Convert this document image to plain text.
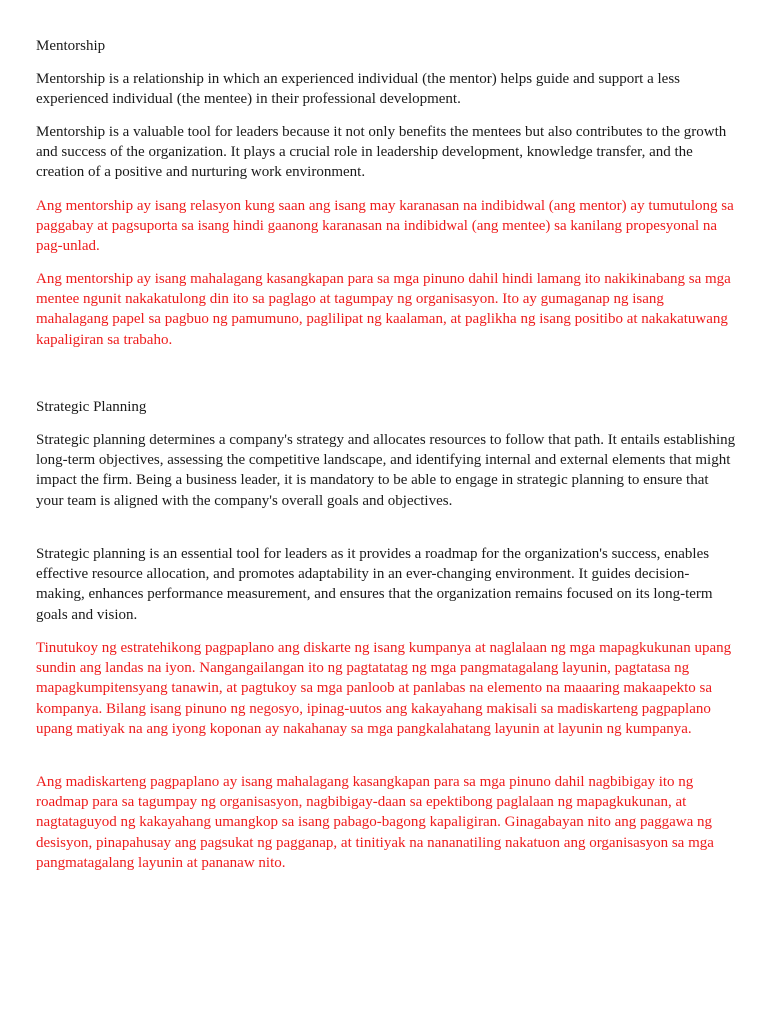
Mentorship

Mentorship is a relationship in which an experienced individual (the mentor) helps guide and support a less experienced individual (the mentee) in their professional development.

Mentorship is a valuable tool for leaders because it not only benefits the mentees but also contributes to the growth and success of the organization. It plays a crucial role in leadership development, knowledge transfer, and the creation of a positive and nurturing work environment.

Ang mentorship ay isang relasyon kung saan ang isang may karanasan na indibidwal (ang mentor) ay tumutulong sa paggabay at pagsuporta sa isang hindi gaanong karanasan na indibidwal (ang mentee) sa kanilang propesyonal na pag-unlad.

Ang mentorship ay isang mahalagang kasangkapan para sa mga pinuno dahil hindi lamang ito nakikinabang sa mga mentee ngunit nakakatulong din ito sa paglago at tagumpay ng organisasyon. Ito ay gumaganap ng isang mahalagang papel sa pagbuo ng pamumuno, paglilipat ng kaalaman, at paglikha ng isang positibo at nakakatuwang kapaligiran sa trabaho.

Strategic Planning

Strategic planning determines a company's strategy and allocates resources to follow that path. It entails establishing long-term objectives, assessing the competitive landscape, and identifying internal and external elements that might impact the firm. Being a business leader, it is mandatory to be able to engage in strategic planning to ensure that your team is aligned with the company's overall goals and objectives.

Strategic planning is an essential tool for leaders as it provides a roadmap for the organization's success, enables effective resource allocation, and promotes adaptability in an ever-changing environment. It guides decision-making, enhances performance measurement, and ensures that the organization remains focused on its long-term goals and vision.

Tinutukoy ng estratehikong pagpaplano ang diskarte ng isang kumpanya at naglalaan ng mga mapagkukunan upang sundin ang landas na iyon. Nangangailangan ito ng pagtatatag ng mga pangmatagalang layunin, pagtatasa ng mapagkumpitensyang tanawin, at pagtukoy sa mga panloob at panlabas na elemento na maaaring makaapekto sa kompanya. Bilang isang pinuno ng negosyo, ipinag-uutos ang kakayahang makisali sa madiskarteng pagpaplano upang matiyak na ang iyong koponan ay nakahanay sa mga pangkalahatang layunin at layunin ng kumpanya.

Ang madiskarteng pagpaplano ay isang mahalagang kasangkapan para sa mga pinuno dahil nagbibigay ito ng roadmap para sa tagumpay ng organisasyon, nagbibigay-daan sa epektibong paglalaan ng mapagkukunan, at nagtataguyod ng kakayahang umangkop sa isang pabago-bagong kapaligiran. Ginagabayan nito ang paggawa ng desisyon, pinapahusay ang pagsukat ng pagganap, at tinitiyak na nananatiling nakatuon ang organisasyon sa mga pangmatagalang layunin at pananaw nito.
